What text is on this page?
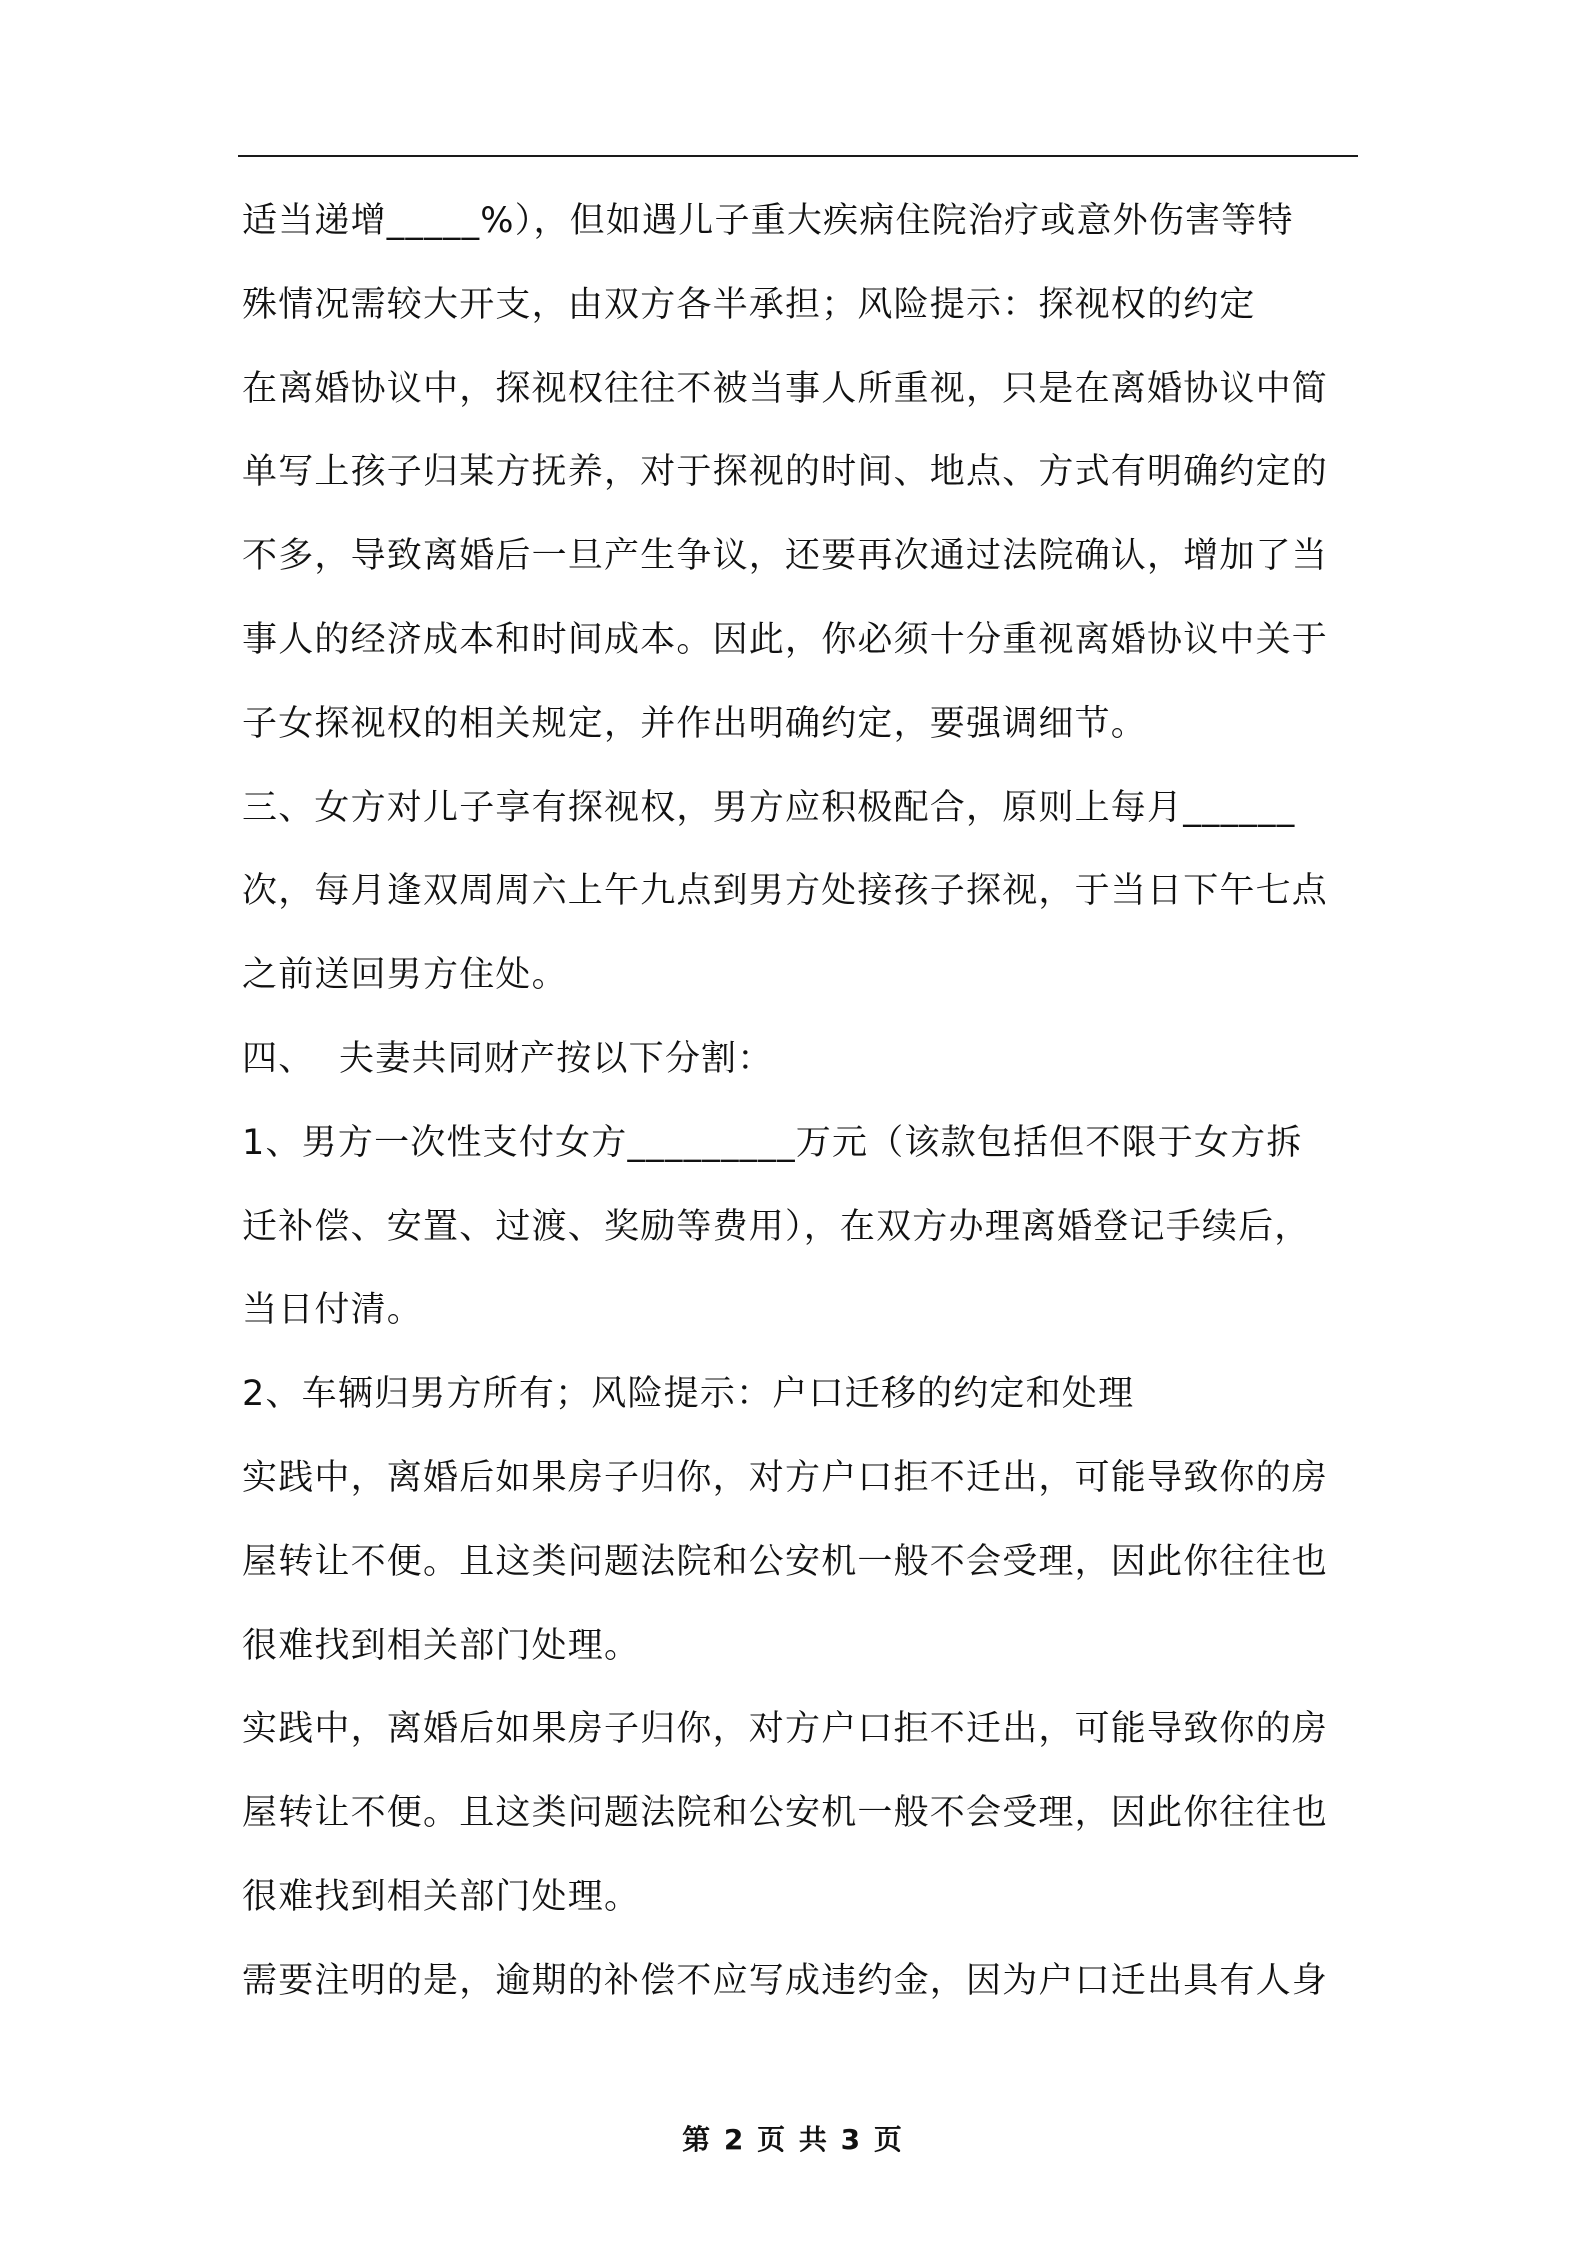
适当递增_____%），但如遇儿子重大疾病住院治疗或意外伤害等特
殊情况需较大开支，由双方各半承担；风险提示：探视权的约定
在离婚协议中，探视权往往不被当事人所重视，只是在离婚协议中简
单写上孩子归某方抚养，对于探视的时间、地点、方式有明确约定的
不多，导致离婚后一旦产生争议，还要再次通过法院确认，增加了当
事人的经济成本和时间成本。因此，你必须十分重视离婚协议中关于
子女探视权的相关规定，并作出明确约定，要强调细节。
三、女方对儿子享有探视权，男方应积极配合，原则上每月______
次，每月逢双周周六上午九点到男方处接孩子探视，于当日下午七点
之前送回男方住处。
四、  夫妻共同财产按以下分割：
1、男方一次性支付女方_________万元（该款包括但不限于女方拆
迁补偿、安置、过渡、奖励等费用），在双方办理离婚登记手续后，
当日付清。
2、车辆归男方所有；风险提示：户口迁移的约定和处理
实践中，离婚后如果房子归你，对方户口拒不迁出，可能导致你的房
屋转让不便。且这类问题法院和公安机一般不会受理，因此你往往也
很难找到相关部门处理。
实践中，离婚后如果房子归你，对方户口拒不迁出，可能导致你的房
屋转让不便。且这类问题法院和公安机一般不会受理，因此你往往也
很难找到相关部门处理。
需要注明的是，逾期的补偿不应写成违约金，因为户口迁出具有人身
第 2 页 共 3 页
